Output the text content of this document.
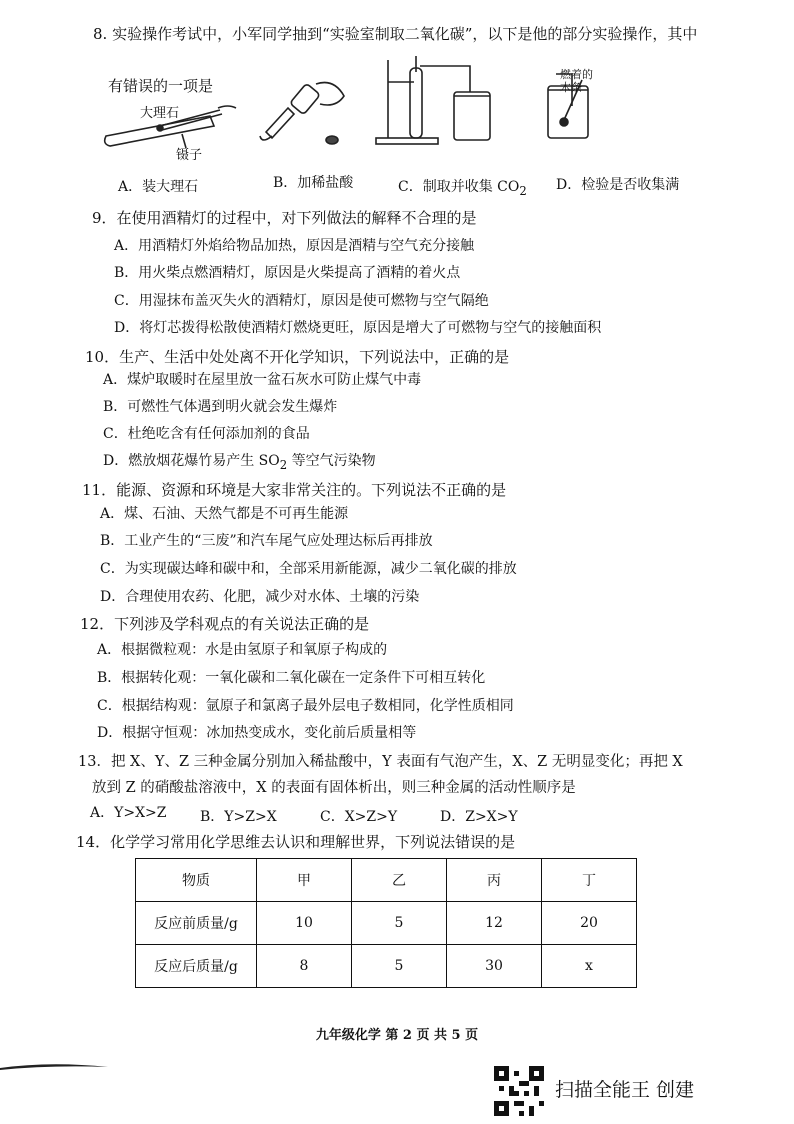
8. 实验操作考试中，小军同学抽到“实验室制取二氧化碳”，以下是他的部分实验操作，其中
有错误的一项是
大理石
镊子
燃着的木条
A．装大理石	B．加稀盐酸	C．制取并收集 $CO_2$ D．检验是否收集满
9．在使用酒精灯的过程中，对下列做法的解释不合理的是
A．用酒精灯外焰给物品加热，原因是酒精与空气充分接触
B．用火柴点燃酒精灯，原因是火柴提高了酒精的着火点
C．用湿抹布盖灭失火的酒精灯，原因是使可燃物与空气隔绝
D．将灯芯拨得松散使酒精灯燃烧更旺，原因是增大了可燃物与空气的接触面积
10．生产、生活中处处离不开化学知识，下列说法中，正确的是
A．煤炉取暖时在屋里放一盆石灰水可防止煤气中毒
B．可燃性气体遇到明火就会发生爆炸
C．杜绝吃含有任何添加剂的食品
D．燃放烟花爆竹易产生 $SO_2$ 等空气污染物
11．能源、资源和环境是大家非常关注的。下列说法不正确的是
A．煤、石油、天然气都是不可再生能源
B．工业产生的“三废”和汽车尾气应处理达标后再排放
C．为实现碳达峰和碳中和，全部采用新能源，减少二氧化碳的排放
D．合理使用农药、化肥，减少对水体、土壤的污染
12．下列涉及学科观点的有关说法正确的是
A．根据微粒观：水是由氢原子和氧原子构成的
B．根据转化观：一氧化碳和二氧化碳在一定条件下可相互转化
C．根据结构观：氩原子和氯离子最外层电子数相同，化学性质相同
D．根据守恒观：冰加热变成水，变化前后质量相等
13．把 X、Y、Z 三种金属分别加入稀盐酸中，Y 表面有气泡产生，X、Z 无明显变化；再把 X
放到 Z 的硝酸盐溶液中，X 的表面有固体析出，则三种金属的活动性顺序是
A．Y>X>Z B．Y>Z>X	C．X>Z>Y	D．Z>X>Y
14．化学学习常用化学思维去认识和理解世界，下列说法错误的是
物质	甲	乙	丙	丁
反应前质量/g	10	5	12	20
反应后质量/g	8	5	30	x
九年级化学 第 2 页 共 5 页
扫描全能王 创建
